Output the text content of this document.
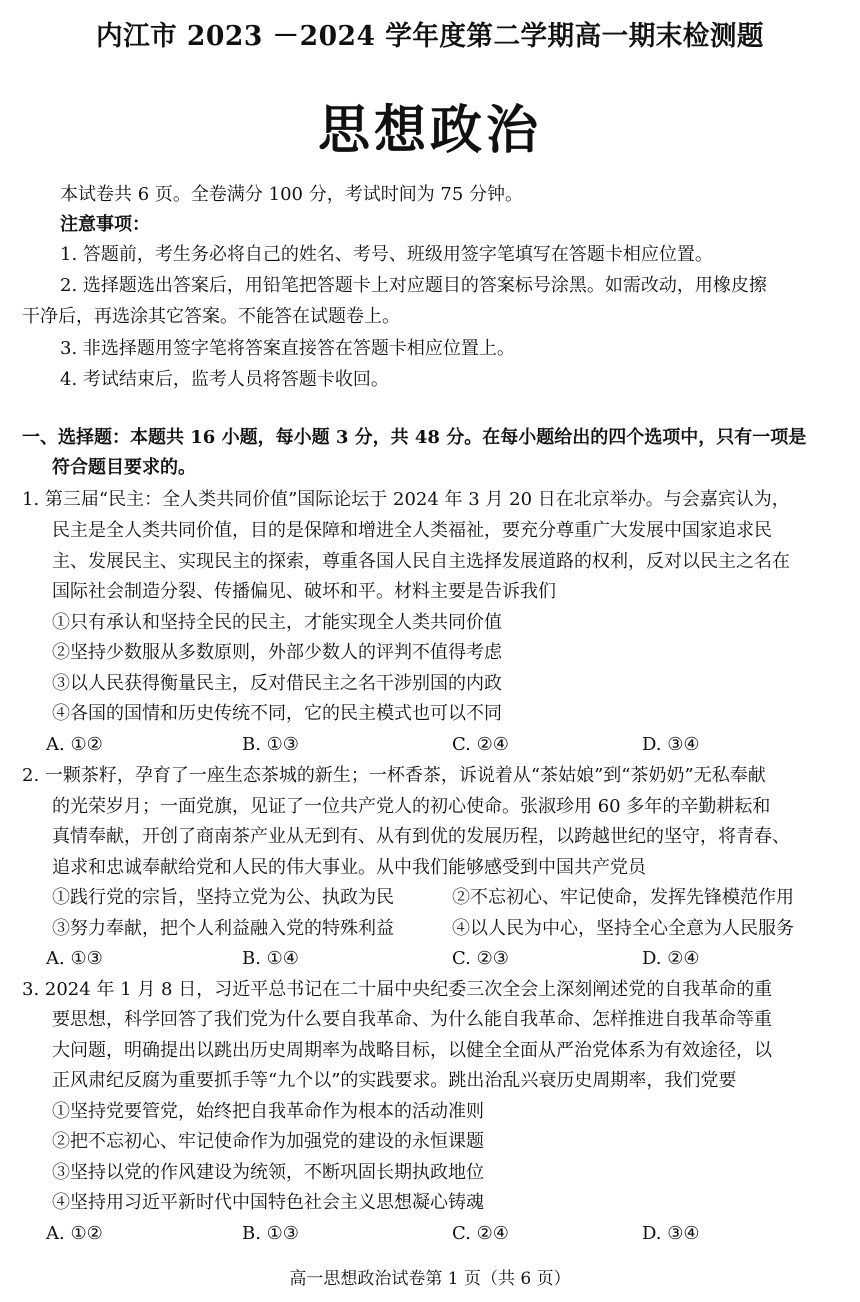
内江市 2023 －2024 学年度第二学期高一期末检测题
思想政治
本试卷共 6 页。全卷满分 100 分，考试时间为 75 分钟。
注意事项：
1. 答题前，考生务必将自己的姓名、考号、班级用签字笔填写在答题卡相应位置。
2. 选择题选出答案后，用铅笔把答题卡上对应题目的答案标号涂黑。如需改动，用橡皮擦
干净后，再选涂其它答案。不能答在试题卷上。
3. 非选择题用签字笔将答案直接答在答题卡相应位置上。
4. 考试结束后，监考人员将答题卡收回。
一、选择题：本题共 16 小题，每小题 3 分，共 48 分。在每小题给出的四个选项中，只有一项是
符合题目要求的。
1. 第三届“民主：全人类共同价值”国际论坛于 2024 年 3 月 20 日在北京举办。与会嘉宾认为，
民主是全人类共同价值，目的是保障和增进全人类福祉，要充分尊重广大发展中国家追求民
主、发展民主、实现民主的探索，尊重各国人民自主选择发展道路的权利，反对以民主之名在
国际社会制造分裂、传播偏见、破坏和平。材料主要是告诉我们
①只有承认和坚持全民的民主，才能实现全人类共同价值
②坚持少数服从多数原则，外部少数人的评判不值得考虑
③以人民获得衡量民主，反对借民主之名干涉别国的内政
④各国的国情和历史传统不同，它的民主模式也可以不同
A. ①②	B. ①③	C. ②④	D. ③④
2. 一颗茶籽，孕育了一座生态茶城的新生；一杯香茶，诉说着从“茶姑娘”到“茶奶奶”无私奉献
的光荣岁月；一面党旗，见证了一位共产党人的初心使命。张淑珍用 60 多年的辛勤耕耘和
真情奉献，开创了商南茶产业从无到有、从有到优的发展历程，以跨越世纪的坚守，将青春、
追求和忠诚奉献给党和人民的伟大事业。从中我们能够感受到中国共产党员
①践行党的宗旨，坚持立党为公、执政为民	②不忘初心、牢记使命，发挥先锋模范作用
③努力奉献，把个人利益融入党的特殊利益	④以人民为中心，坚持全心全意为人民服务
A. ①③	B. ①④	C. ②③	D. ②④
3. 2024 年 1 月 8 日，习近平总书记在二十届中央纪委三次全会上深刻阐述党的自我革命的重
要思想，科学回答了我们党为什么要自我革命、为什么能自我革命、怎样推进自我革命等重
大问题，明确提出以跳出历史周期率为战略目标，以健全全面从严治党体系为有效途径，以
正风肃纪反腐为重要抓手等“九个以”的实践要求。跳出治乱兴衰历史周期率，我们党要
①坚持党要管党，始终把自我革命作为根本的活动准则
②把不忘初心、牢记使命作为加强党的建设的永恒课题
③坚持以党的作风建设为统领，不断巩固长期执政地位
④坚持用习近平新时代中国特色社会主义思想凝心铸魂
A. ①②	B. ①③	C. ②④	D. ③④
高一思想政治试卷第 1 页（共 6 页）
